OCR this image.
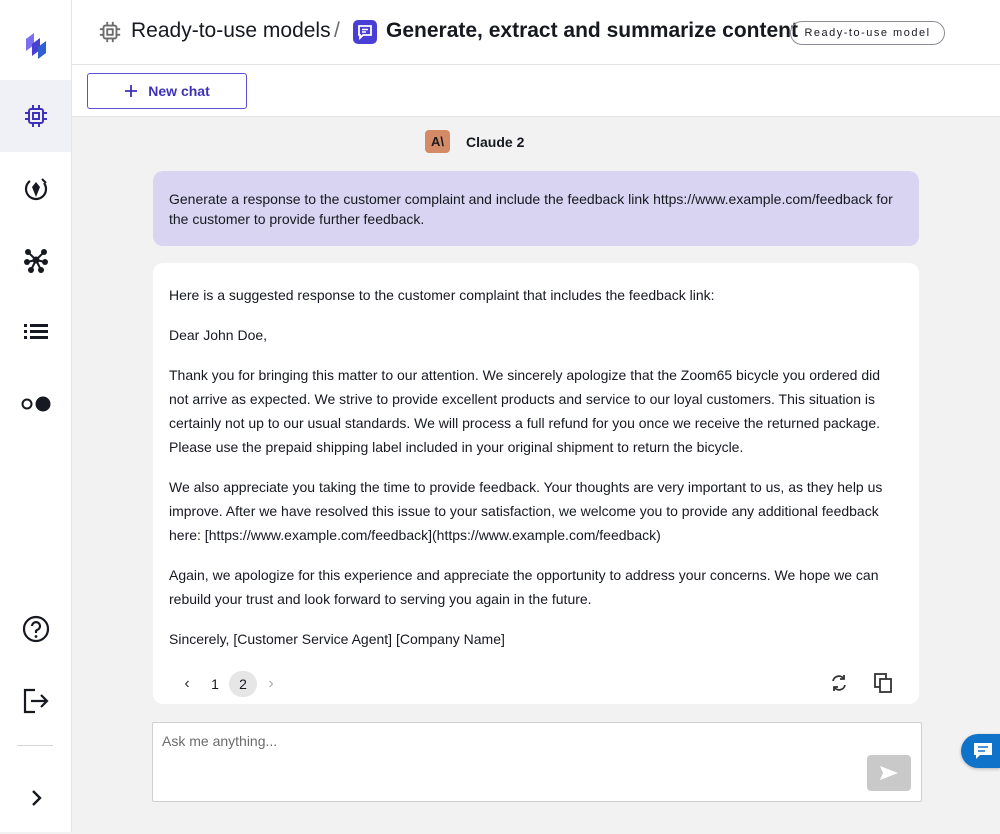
Ready-to-use models / Generate, extract and summarize content Ready-to-use model
New chat
A\	Claude 2
Generate a response to the customer complaint and include the feedback link https://www.example.com/feedback for the customer to provide further feedback.

Here is a suggested response to the customer complaint that includes the feedback link:

Dear John Doe,

Thank you for bringing this matter to our attention. We sincerely apologize that the Zoom65 bicycle you ordered did not arrive as expected. We strive to provide excellent products and service to our loyal customers. This situation is certainly not up to our usual standards. We will process a full refund for you once we receive the returned package. Please use the prepaid shipping label included in your original shipment to return the bicycle.

We also appreciate you taking the time to provide feedback. Your thoughts are very important to us, as they help us improve. After we have resolved this issue to your satisfaction, we welcome you to provide any additional feedback here: [https://www.example.com/feedback](https://www.example.com/feedback)

Again, we apologize for this experience and appreciate the opportunity to address your concerns. We hope we can rebuild your trust and look forward to serving you again in the future.

Sincerely, [Customer Service Agent] [Company Name]

‹	1	2	›
Ask me anything...
